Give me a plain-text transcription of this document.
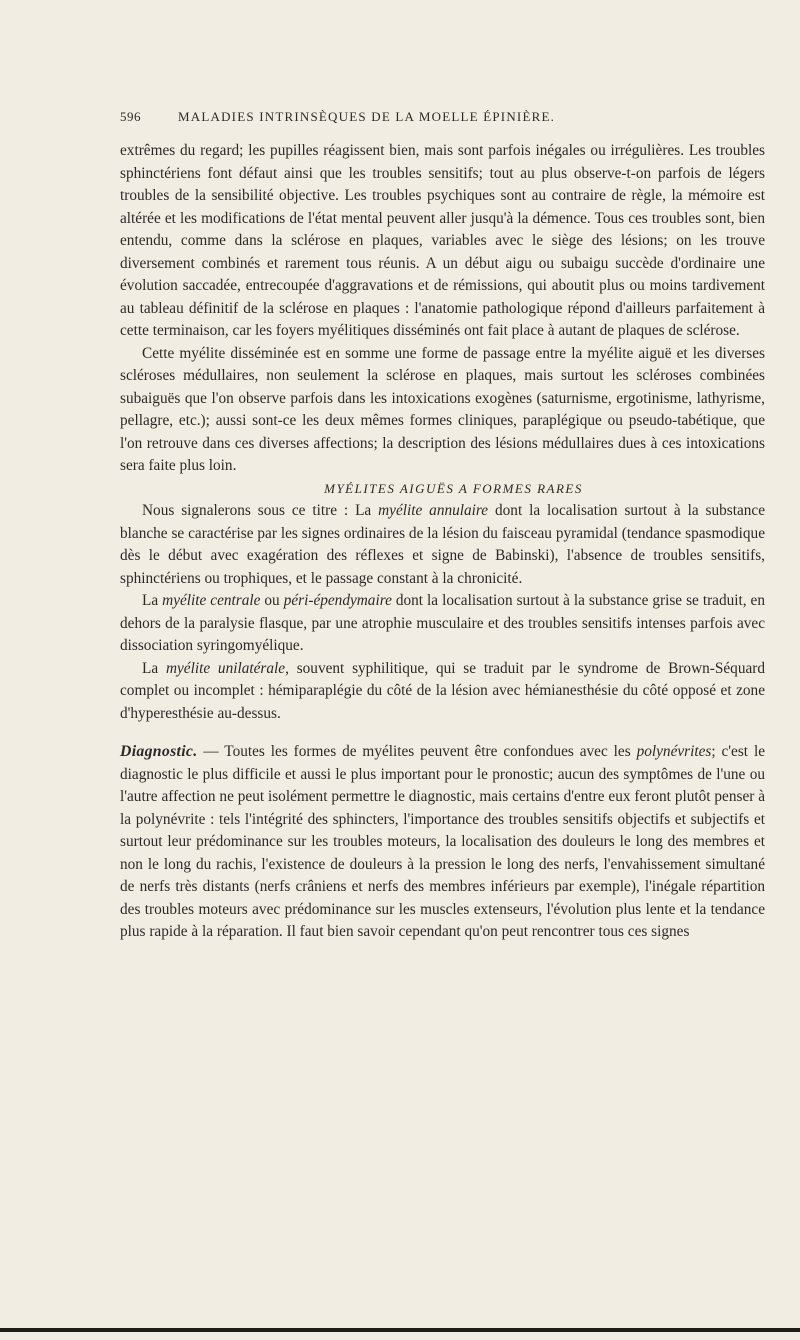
596	MALADIES INTRINSÈQUES DE LA MOELLE ÉPINIÈRE.

extrêmes du regard; les pupilles réagissent bien, mais sont parfois inégales ou irrégulières. Les troubles sphinctériens font défaut ainsi que les troubles sensitifs; tout au plus observe-t-on parfois de légers troubles de la sensibilité objective. Les troubles psychiques sont au contraire de règle, la mémoire est altérée et les modifications de l'état mental peuvent aller jusqu'à la démence. Tous ces troubles sont, bien entendu, comme dans la sclérose en plaques, variables avec le siège des lésions; on les trouve diversement combinés et rarement tous réunis. A un début aigu ou subaigu succède d'ordinaire une évolution saccadée, entrecoupée d'aggravations et de rémissions, qui aboutit plus ou moins tardivement au tableau définitif de la sclérose en plaques : l'anatomie pathologique répond d'ailleurs parfaitement à cette terminaison, car les foyers myélitiques disséminés ont fait place à autant de plaques de sclérose.

Cette myélite disséminée est en somme une forme de passage entre la myélite aiguë et les diverses scléroses médullaires, non seulement la sclérose en plaques, mais surtout les scléroses combinées subaiguës que l'on observe parfois dans les intoxications exogènes (saturnisme, ergotinisme, lathyrisme, pellagre, etc.); aussi sont-ce les deux mêmes formes cliniques, paraplégique ou pseudo-tabétique, que l'on retrouve dans ces diverses affections; la description des lésions médullaires dues à ces intoxications sera faite plus loin.

MYÉLITES AIGUËS A FORMES RARES

Nous signalerons sous ce titre : La myélite annulaire dont la localisation surtout à la substance blanche se caractérise par les signes ordinaires de la lésion du faisceau pyramidal (tendance spasmodique dès le début avec exagération des réflexes et signe de Babinski), l'absence de troubles sensitifs, sphinctériens ou trophiques, et le passage constant à la chronicité.

La myélite centrale ou péri-épendymaire dont la localisation surtout à la substance grise se traduit, en dehors de la paralysie flasque, par une atrophie musculaire et des troubles sensitifs intenses parfois avec dissociation syringomyélique.

La myélite unilatérale, souvent syphilitique, qui se traduit par le syndrome de Brown-Séquard complet ou incomplet : hémiparaplégie du côté de la lésion avec hémianesthésie du côté opposé et zone d'hyperesthésie au-dessus.

Diagnostic. — Toutes les formes de myélites peuvent être confondues avec les polynévrites; c'est le diagnostic le plus difficile et aussi le plus important pour le pronostic; aucun des symptômes de l'une ou l'autre affection ne peut isolément permettre le diagnostic, mais certains d'entre eux feront plutôt penser à la polynévrite : tels l'intégrité des sphincters, l'importance des troubles sensitifs objectifs et subjectifs et surtout leur prédominance sur les troubles moteurs, la localisation des douleurs le long des membres et non le long du rachis, l'existence de douleurs à la pression le long des nerfs, l'envahissement simultané de nerfs très distants (nerfs crâniens et nerfs des membres inférieurs par exemple), l'inégale répartition des troubles moteurs avec prédominance sur les muscles extenseurs, l'évolution plus lente et la tendance plus rapide à la réparation. Il faut bien savoir cependant qu'on peut rencontrer tous ces signes
